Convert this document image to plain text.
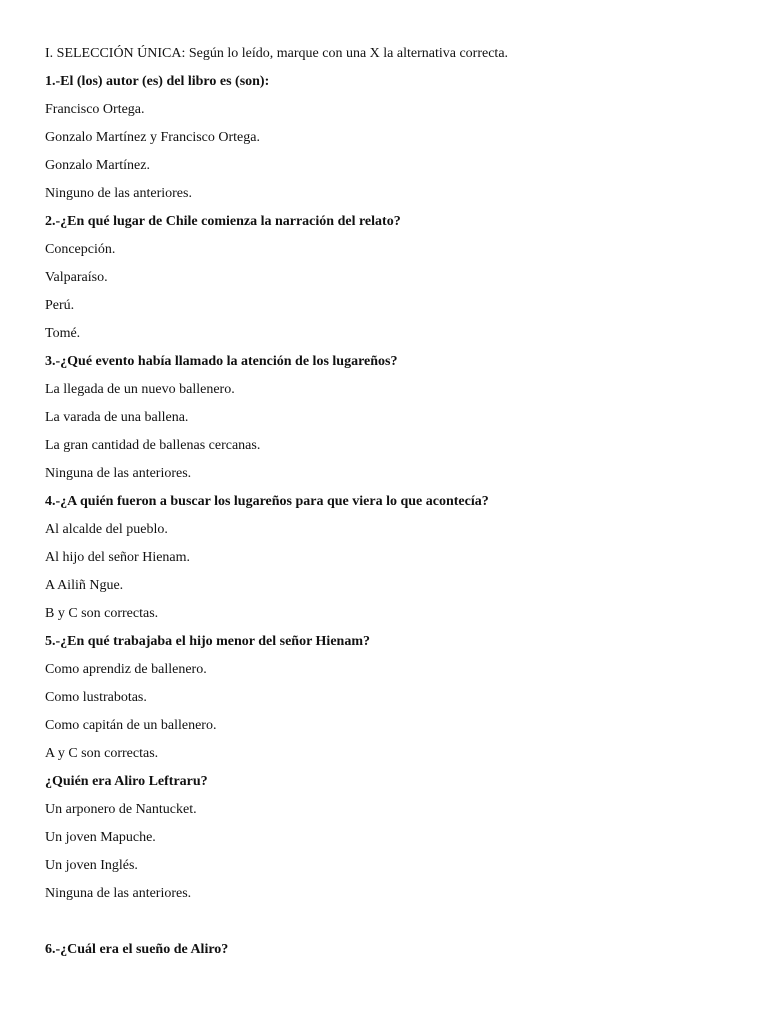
I. SELECCIÓN ÚNICA: Según lo leído, marque con una X la alternativa correcta.

1.-El (los) autor (es) del libro es (son):

Francisco Ortega.

Gonzalo Martínez y Francisco Ortega.

Gonzalo Martínez.

Ninguno de las anteriores.

2.-¿En qué lugar de Chile comienza la narración del relato?

Concepción.

Valparaíso.

Perú.

Tomé.

3.-¿Qué evento había llamado la atención de los lugareños?

La llegada de un nuevo ballenero.

La varada de una ballena.

La gran cantidad de ballenas cercanas.

Ninguna de las anteriores.

4.-¿A quién fueron a buscar los lugareños para que viera lo que acontecía?

Al alcalde del pueblo.

Al hijo del señor Hienam.

A Ailiñ Ngue.

B y C son correctas.

5.-¿En qué trabajaba el hijo menor del señor Hienam?

Como aprendiz de ballenero.

Como lustrabotas.

Como capitán de un ballenero.

A y C son correctas.

¿Quién era Aliro Leftraru?

Un arponero de Nantucket.

Un joven Mapuche.

Un joven Inglés.

Ninguna de las anteriores.

6.-¿Cuál era el sueño de Aliro?
